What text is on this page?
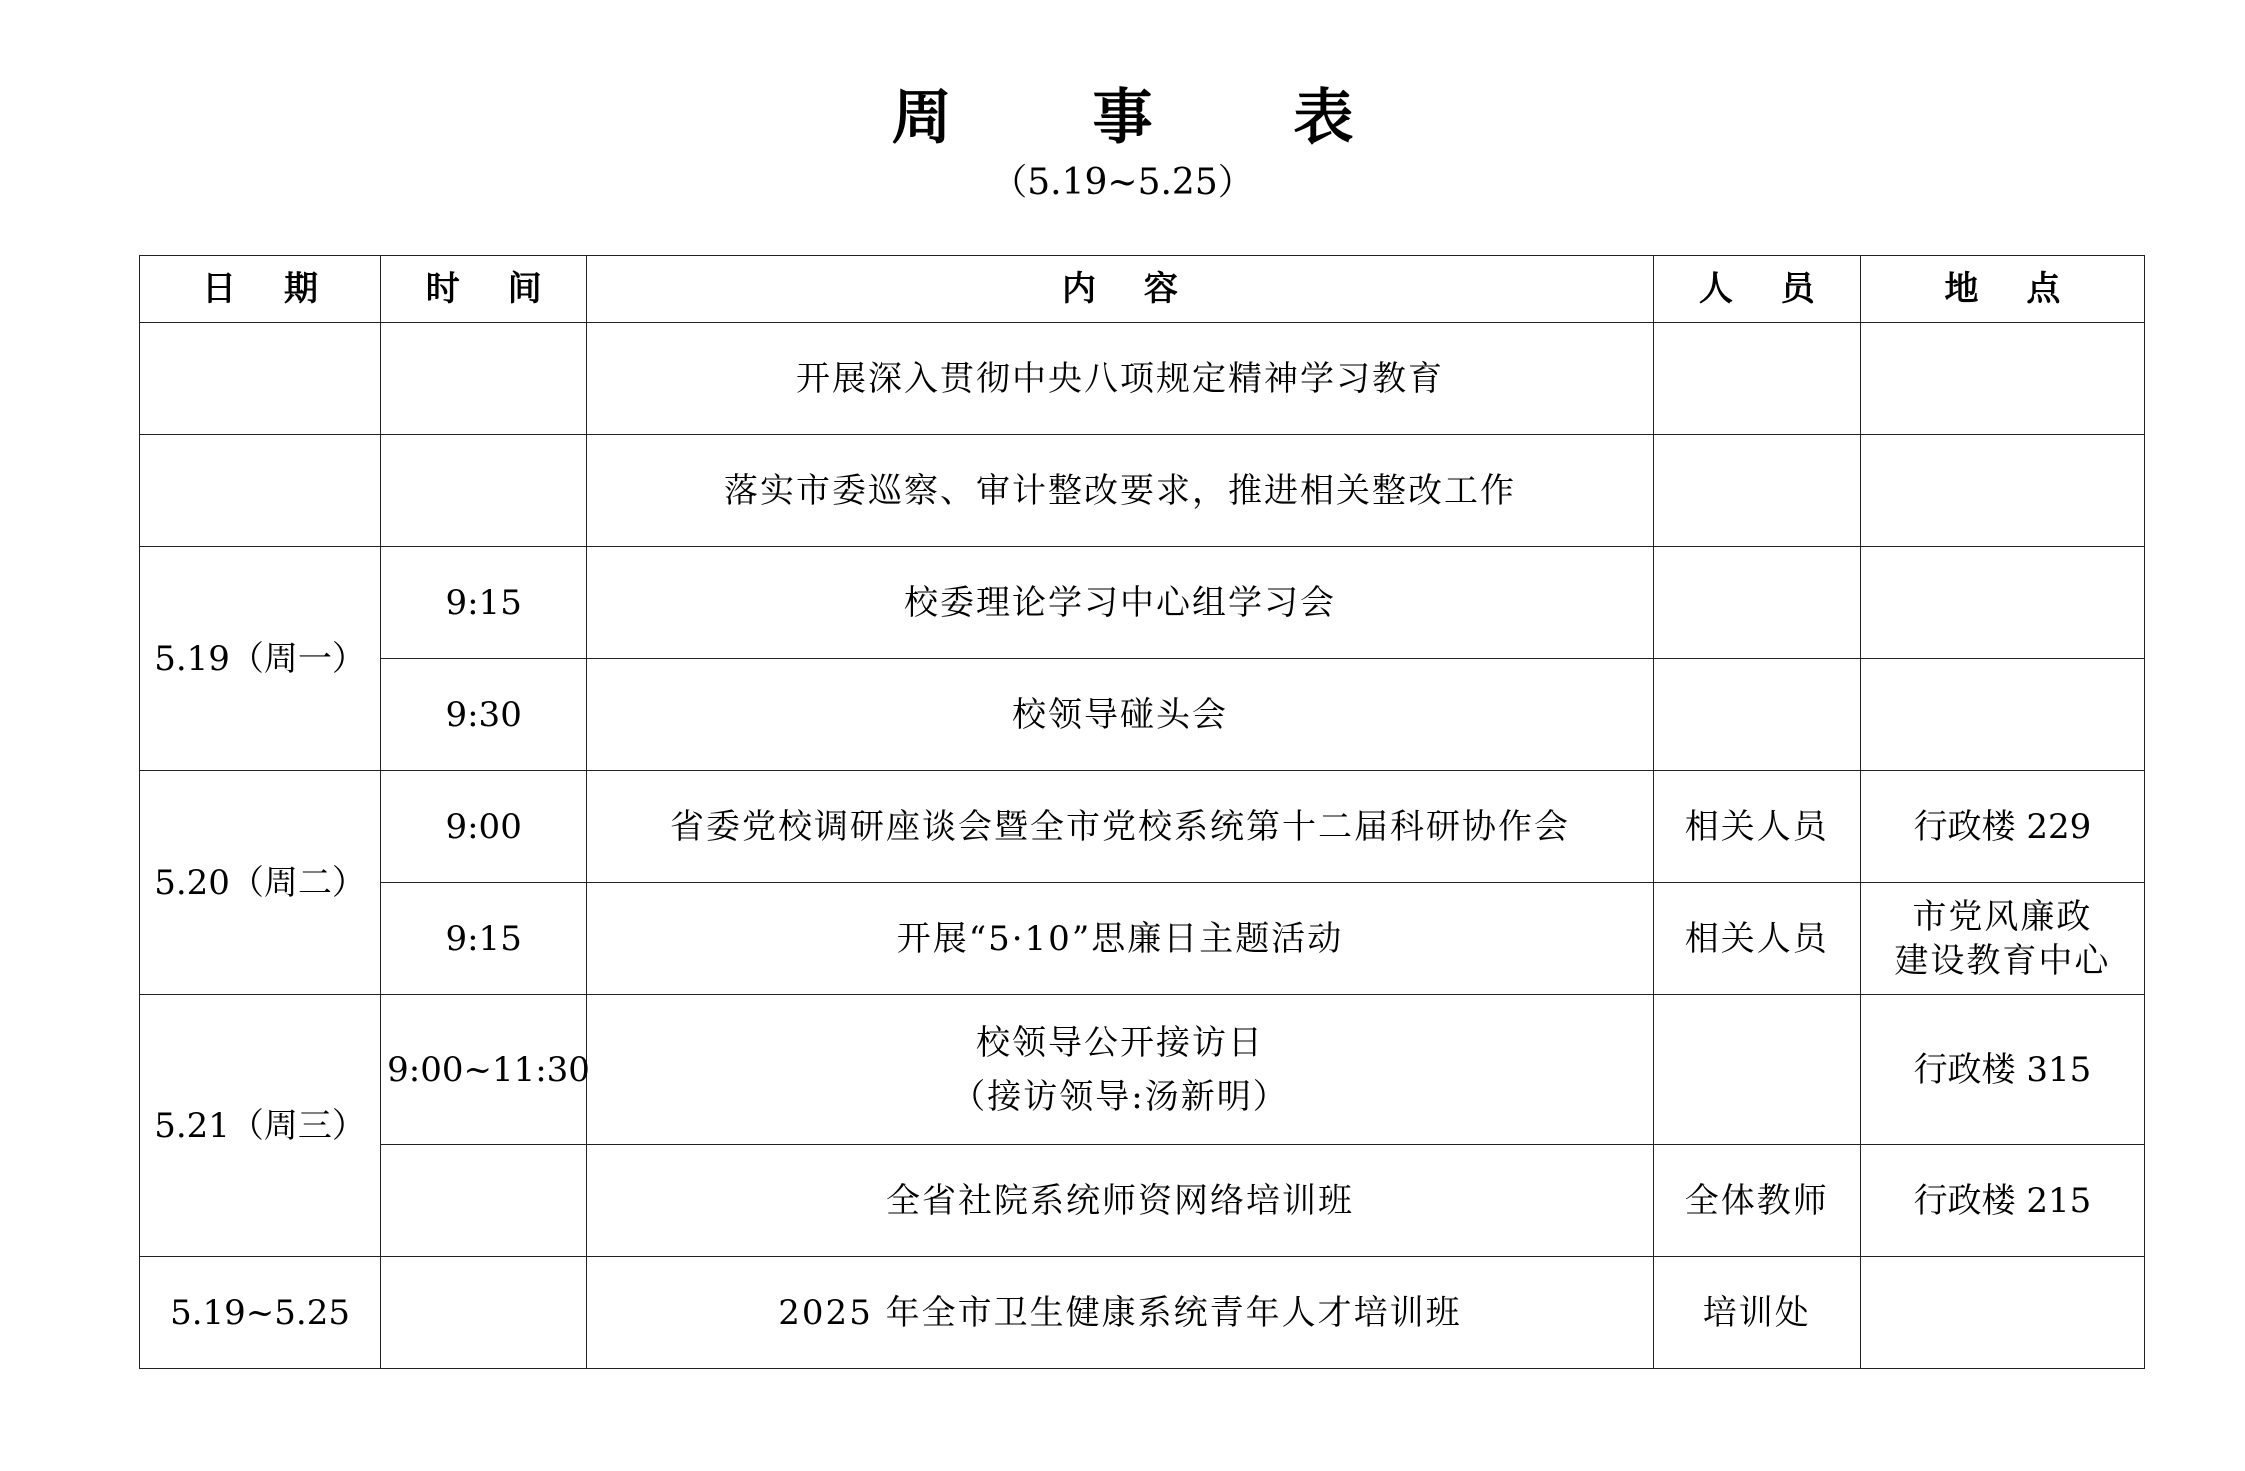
周 事 表
（5.19~5.25）
日 期	时 间	内 容	人 员	地 点
		开展深入贯彻中央八项规定精神学习教育		
		落实市委巡察、审计整改要求，推进相关整改工作		
5.19（周一）	9:15	校委理论学习中心组学习会		
	9:30	校领导碰头会		
5.20（周二）	9:00	省委党校调研座谈会暨全市党校系统第十二届科研协作会	相关人员	行政楼 229
	9:15	开展“5·10”思廉日主题活动	相关人员	市党风廉政
建设教育中心

5.21（周三）	9:00~11:30	校领导公开接访日
（接访领导:汤新明）		行政楼 315
		全省社院系统师资网络培训班	全体教师	行政楼 215
5.19~5.25		2025 年全市卫生健康系统青年人才培训班	培训处	
